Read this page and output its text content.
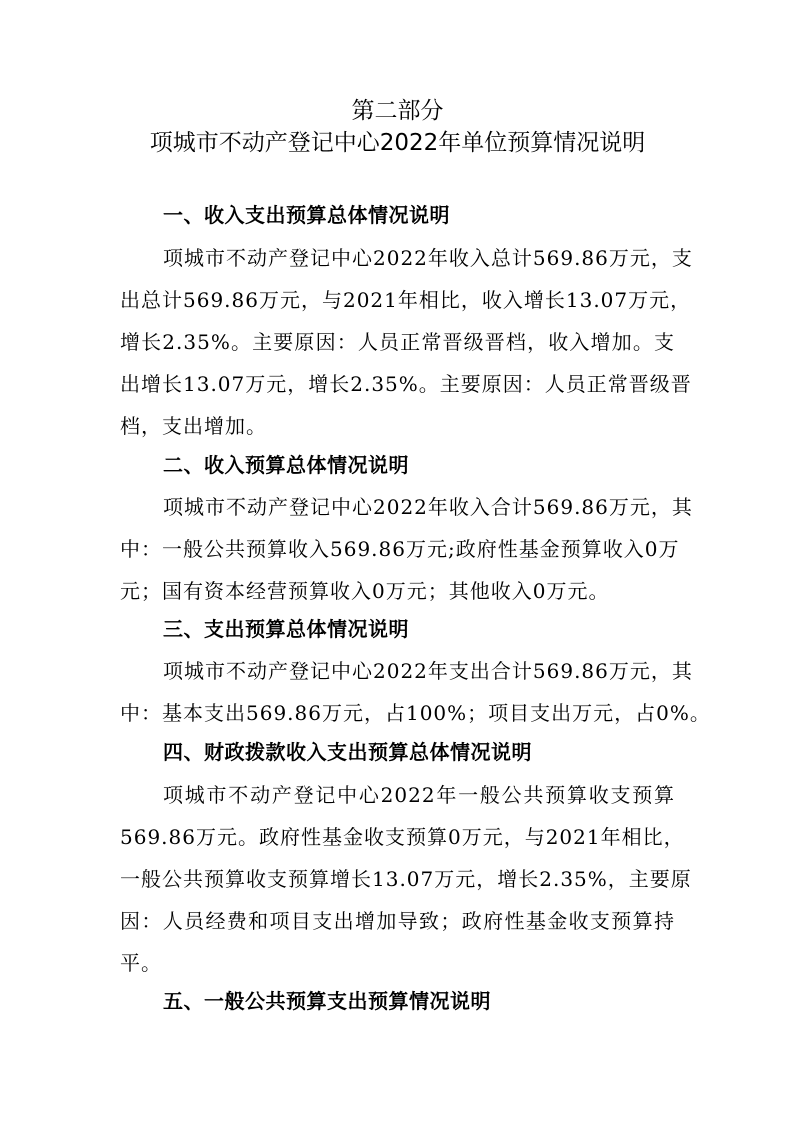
第二部分
项城市不动产登记中心2022年单位预算情况说明
一、收入支出预算总体情况说明
项城市不动产登记中心2022年收入总计569.86万元，支
出总计569.86万元，与2021年相比，收入增长13.07万元，
增长2.35%。主要原因：人员正常晋级晋档，收入增加。支
出增长13.07万元，增长2.35%。主要原因：人员正常晋级晋
档，支出增加。
二、收入预算总体情况说明
项城市不动产登记中心2022年收入合计569.86万元，其
中：一般公共预算收入569.86万元;政府性基金预算收入0万
元；国有资本经营预算收入0万元；其他收入0万元。
三、支出预算总体情况说明
项城市不动产登记中心2022年支出合计569.86万元，其
中：基本支出569.86万元，占100%；项目支出万元，占0%。
四、财政拨款收入支出预算总体情况说明
项城市不动产登记中心2022年一般公共预算收支预算
569.86万元。政府性基金收支预算0万元，与2021年相比，
一般公共预算收支预算增长13.07万元，增长2.35%，主要原
因：人员经费和项目支出增加导致；政府性基金收支预算持
平。
五、一般公共预算支出预算情况说明
